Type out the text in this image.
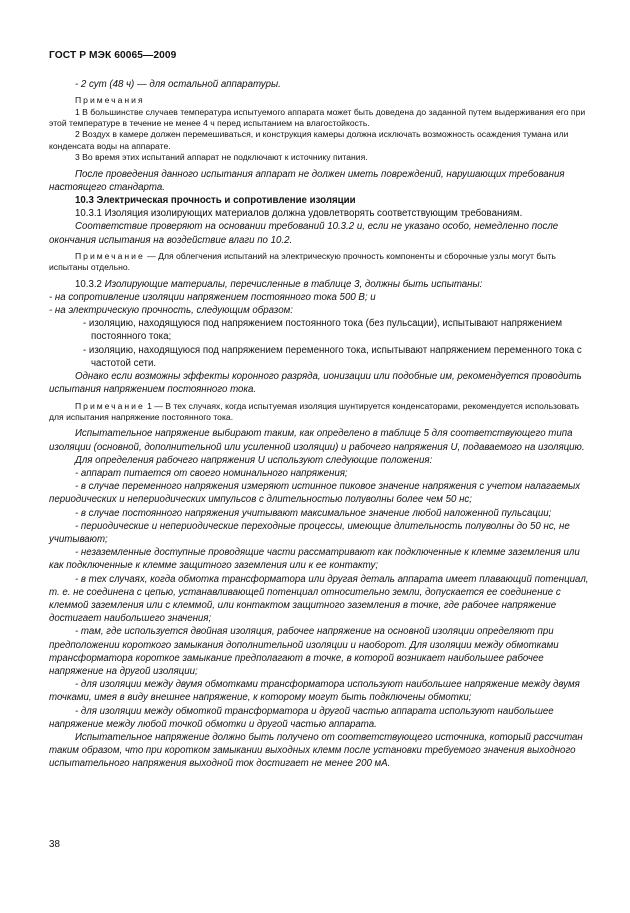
ГОСТ Р МЭК 60065—2009

- 2 сут (48 ч) — для остальной аппаратуры.

Примечания

1 В большинстве случаев температура испытуемого аппарата может быть доведена до заданной путем выдерживания его при этой температуре в течение не менее 4 ч перед испытанием на влагостойкость.

2 Воздух в камере должен перемешиваться, и конструкция камеры должна исключать возможность осаждения тумана или конденсата воды на аппарате.

3 Во время этих испытаний аппарат не подключают к источнику питания.

После проведения данного испытания аппарат не должен иметь повреждений, нарушающих требования настоящего стандарта.

10.3 Электрическая прочность и сопротивление изоляции

10.3.1 Изоляция изолирующих материалов должна удовлетворять соответствующим требованиям.

Соответствие проверяют на основании требований 10.3.2 и, если не указано особо, немедленно после окончания испытания на воздействие влаги по 10.2.

Примечание — Для облегчения испытаний на электрическую прочность компоненты и сборочные узлы могут быть испытаны отдельно.

10.3.2 Изолирующие материалы, перечисленные в таблице 3, должны быть испытаны:

- на сопротивление изоляции напряжением постоянного тока 500 В; и

- на электрическую прочность, следующим образом:

- изоляцию, находящуюся под напряжением постоянного тока (без пульсации), испытывают напряжением постоянного тока;

- изоляцию, находящуюся под напряжением переменного тока, испытывают напряжением переменного тока с частотой сети.

Однако если возможны эффекты коронного разряда, ионизации или подобные им, рекомендуется проводить испытания напряжением постоянного тока.

Примечание 1 — В тех случаях, когда испытуемая изоляция шунтируется конденсаторами, рекомендуется использовать для испытания напряжение постоянного тока.

Испытательное напряжение выбирают таким, как определено в таблице 5 для соответствующего типа изоляции (основной, дополнительной или усиленной изоляции) и рабочего напряжения U, подаваемого на изоляцию.

Для определения рабочего напряжения U используют следующие положения:

- аппарат питается от своего номинального напряжения;

- в случае переменного напряжения измеряют истинное пиковое значение напряжения с учетом налагаемых периодических и непериодических импульсов с длительностью полуволны более чем 50 нс;

- в случае постоянного напряжения учитывают максимальное значение любой наложенной пульсации;

- периодические и непериодические переходные процессы, имеющие длительность полуволны до 50 нс, не учитывают;

- незаземленные доступные проводящие части рассматривают как подключенные к клемме заземления или как подключенные к клемме защитного заземления или к ее контакту;

- в тех случаях, когда обмотка трансформатора или другая деталь аппарата имеет плавающий потенциал, т. е. не соединена с цепью, устанавливающей потенциал относительно земли, допускается ее соединение с клеммой заземления или с клеммой, или контактом защитного заземления в точке, где рабочее напряжение достигает наибольшего значения;

- там, где используется двойная изоляция, рабочее напряжение на основной изоляции определяют при предположении короткого замыкания дополнительной изоляции и наоборот. Для изоляции между обмотками трансформатора короткое замыкание предполагают в точке, в которой возникает наибольшее рабочее напряжение на другой изоляции;

- для изоляции между двумя обмотками трансформатора используют наибольшее напряжение между двумя точками, имея в виду внешнее напряжение, к которому могут быть подключены обмотки;

- для изоляции между обмоткой трансформатора и другой частью аппарата используют наибольшее напряжение между любой точкой обмотки и другой частью аппарата.

Испытательное напряжение должно быть получено от соответствующего источника, который рассчитан таким образом, что при коротком замыкании выходных клемм после установки требуемого значения выходного испытательного напряжения выходной ток достигает не менее 200 мА.

38
